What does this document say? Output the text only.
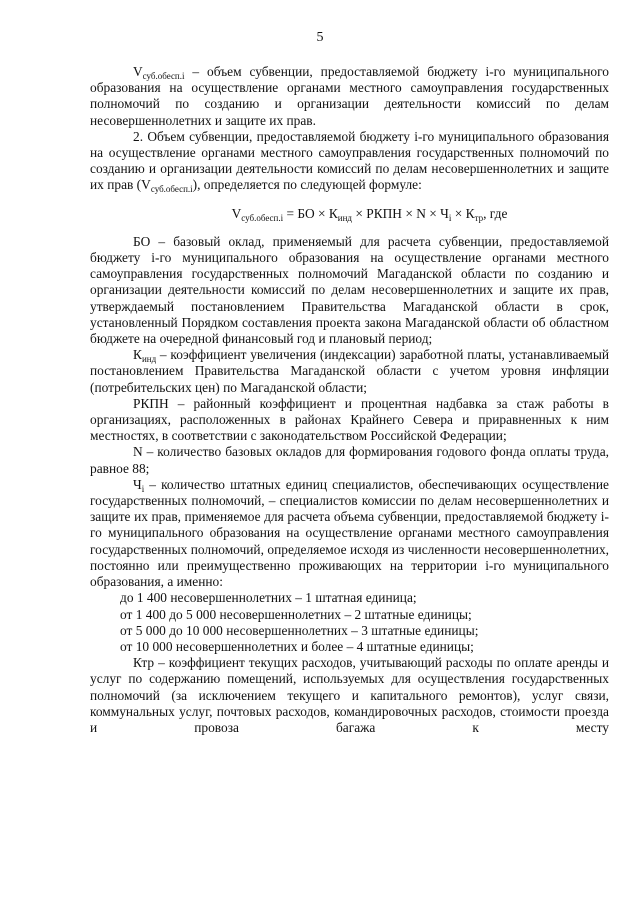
5

$V_{суб.обесп.i}$ – объем субвенции, предоставляемой бюджету i-го муниципального образования на осуществление органами местного самоуправления государственных полномочий по созданию и организации деятельности комиссий по делам несовершеннолетних и защите их прав.

2. Объем субвенции, предоставляемой бюджету i-го муниципального образования на осуществление органами местного самоуправления государственных полномочий по созданию и организации деятельности комиссий по делам несовершеннолетних и защите их прав $(V_{суб.обесп.i})$, определяется по следующей формуле:

$V_{суб.обесп.i}$ = БО × $К_{инд}$ × РКПН × $N \times Ч_i \times К_{тр}$, где

БО – базовый оклад, применяемый для расчета субвенции, предоставляемой бюджету i-го муниципального образования на осуществление органами местного самоуправления государственных полномочий Магаданской области по созданию и организации деятельности комиссий по делам несовершеннолетних и защите их прав, утверждаемый постановлением Правительства Магаданской области в срок, установленный Порядком составления проекта закона Магаданской области об областном бюджете на очередной финансовый год и плановый период;

$К_{инд}$ – коэффициент увеличения (индексации) заработной платы, устанавливаемый постановлением Правительства Магаданской области с учетом уровня инфляции (потребительских цен) по Магаданской области;

РКПН – районный коэффициент и процентная надбавка за стаж работы в организациях, расположенных в районах Крайнего Севера и приравненных к ним местностях, в соответствии с законодательством Российской Федерации;

N – количество базовых окладов для формирования годового фонда оплаты труда, равное 88;

$Ч_i$ – количество штатных единиц специалистов, обеспечивающих осуществление государственных полномочий, – специалистов комиссии по делам несовершеннолетних и защите их прав, применяемое для расчета объема субвенции, предоставляемой бюджету i-го муниципального образования на осуществление органами местного самоуправления государственных полномочий, определяемое исходя из численности несовершеннолетних, постоянно или преимущественно проживающих на территории i-го муниципального образования, а именно:

до 1 400 несовершеннолетних – 1 штатная единица;

от 1 400 до 5 000 несовершеннолетних – 2 штатные единицы;

от 5 000 до 10 000 несовершеннолетних – 3 штатные единицы;

от 10 000 несовершеннолетних и более – 4 штатные единицы;

Ктр – коэффициент текущих расходов, учитывающий расходы по оплате аренды и услуг по содержанию помещений, используемых для осуществления государственных полномочий (за исключением текущего и капитального ремонтов), услуг связи, коммунальных услуг, почтовых расходов, командировочных расходов, стоимости проезда и провоза багажа к месту
